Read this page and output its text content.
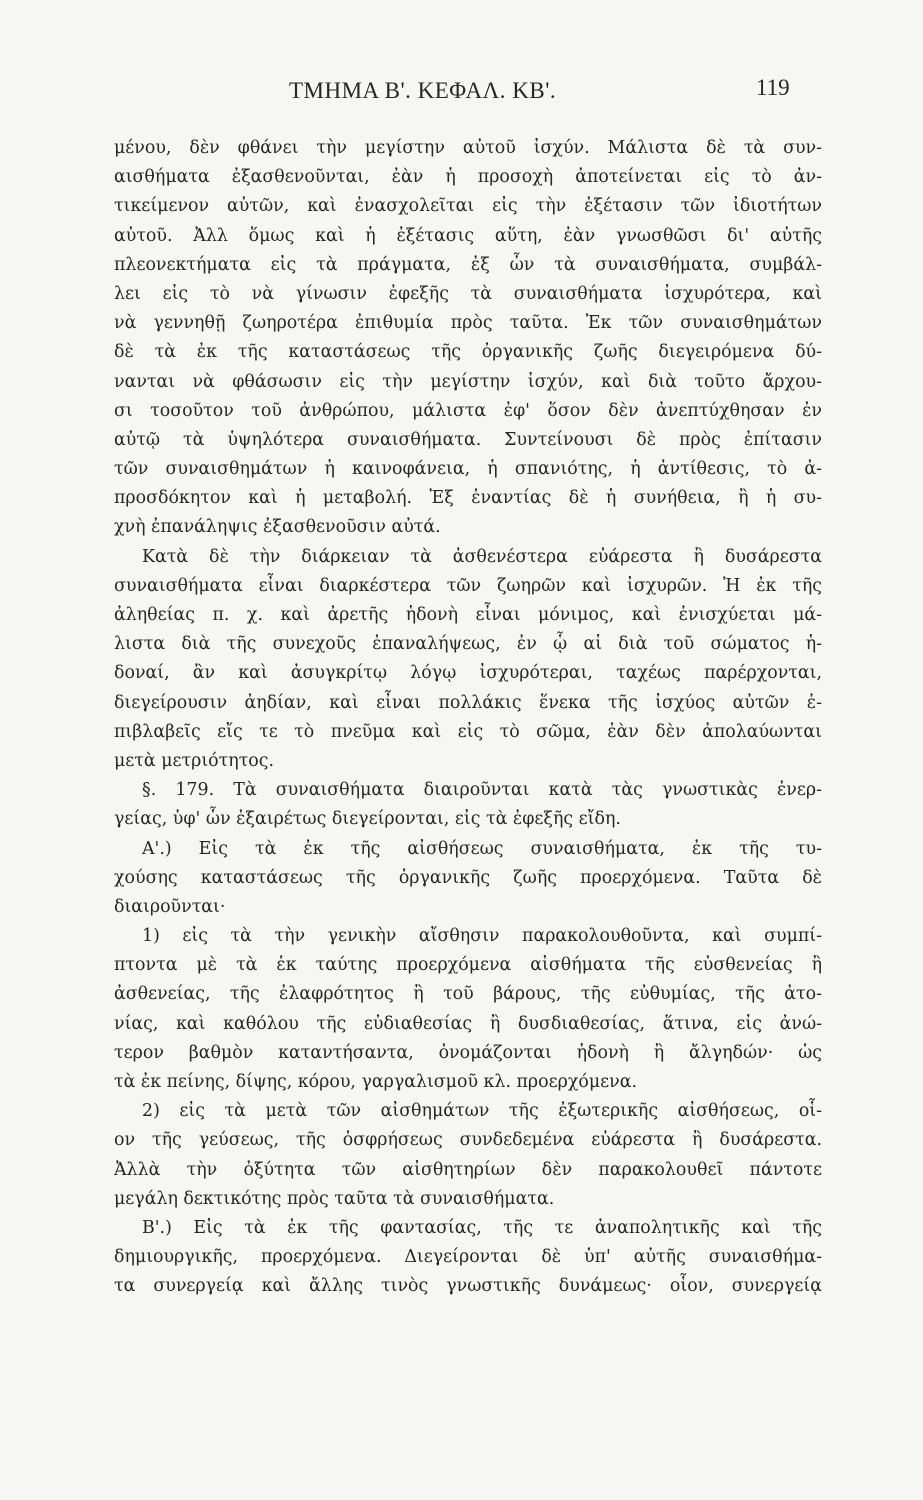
ΤΜΗΜΑ Β'. ΚΕΦΑΛ. ΚΒ'.	119
μένου, δὲν φθάνει τὴν μεγίστην αὐτοῦ ἰσχύν. Μάλιστα δὲ τὰ συν-
αισθήματα ἐξασθενοῦνται, ἐὰν ἡ προσοχὴ ἀποτείνεται εἰς τὸ ἀν-
τικείμενον αὐτῶν, καὶ ἐνασχολεῖται εἰς τὴν ἐξέτασιν τῶν ἰδιοτήτων
αὐτοῦ. Ἀλλ ὅμως καὶ ἡ ἐξέτασις αὕτη, ἐὰν γνωσθῶσι δι' αὐτῆς
πλεονεκτήματα εἰς τὰ πράγματα, ἐξ ὧν τὰ συναισθήματα, συμβάλ-
λει εἰς τὸ νὰ γίνωσιν ἐφεξῆς τὰ συναισθήματα ἰσχυρότερα, καὶ
νὰ γεννηθῇ ζωηροτέρα ἐπιθυμία πρὸς ταῦτα. Ἐκ τῶν συναισθημάτων
δὲ τὰ ἐκ τῆς καταστάσεως τῆς ὀργανικῆς ζωῆς διεγειρόμενα δύ-
νανται νὰ φθάσωσιν εἰς τὴν μεγίστην ἰσχύν, καὶ διὰ τοῦτο ἄρχου-
σι τοσοῦτον τοῦ ἀνθρώπου, μάλιστα ἐφ' ὅσον δὲν ἀνεπτύχθησαν ἐν
αὐτῷ τὰ ὑψηλότερα συναισθήματα. Συντείνουσι δὲ πρὸς ἐπίτασιν
τῶν συναισθημάτων ἡ καινοφάνεια, ἡ σπανιότης, ἡ ἀντίθεσις, τὸ ἀ-
προσδόκητον καὶ ἡ μεταβολή. Ἐξ ἐναντίας δὲ ἡ συνήθεια, ἢ ἡ συ-
χνὴ ἐπανάληψις ἐξασθενοῦσιν αὐτά.
Κατὰ δὲ τὴν διάρκειαν τὰ ἀσθενέστερα εὐάρεστα ἢ δυσάρεστα
συναισθήματα εἶναι διαρκέστερα τῶν ζωηρῶν καὶ ἰσχυρῶν. Ἡ ἐκ τῆς
ἀληθείας π. χ. καὶ ἀρετῆς ἡδονὴ εἶναι μόνιμος, καὶ ἐνισχύεται μά-
λιστα διὰ τῆς συνεχοῦς ἐπαναλήψεως, ἐν ᾧ αἱ διὰ τοῦ σώματος ἡ-
δοναί, ἂν καὶ ἀσυγκρίτῳ λόγῳ ἰσχυρότεραι, ταχέως παρέρχονται,
διεγείρουσιν ἀηδίαν, καὶ εἶναι πολλάκις ἕνεκα τῆς ἰσχύος αὐτῶν ἐ-
πιβλαβεῖς εἴς τε τὸ πνεῦμα καὶ εἰς τὸ σῶμα, ἐὰν δὲν ἀπολαύωνται
μετὰ μετριότητος.
§. 179. Τὰ συναισθήματα διαιροῦνται κατὰ τὰς γνωστικὰς ἐνερ-
γείας, ὑφ' ὧν ἐξαιρέτως διεγείρονται, εἰς τὰ ἐφεξῆς εἴδη.
Α'.) Εἰς τὰ ἐκ τῆς αἰσθήσεως συναισθήματα, ἐκ τῆς τυ-
χούσης καταστάσεως τῆς ὀργανικῆς ζωῆς προερχόμενα. Ταῦτα δὲ
διαιροῦνται·
1) εἰς τὰ τὴν γενικὴν αἴσθησιν παρακολουθοῦντα, καὶ συμπί-
πτοντα μὲ τὰ ἐκ ταύτης προερχόμενα αἰσθήματα τῆς εὐσθενείας ἢ
ἀσθενείας, τῆς ἐλαφρότητος ἢ τοῦ βάρους, τῆς εὐθυμίας, τῆς ἀτο-
νίας, καὶ καθόλου τῆς εὐδιαθεσίας ἢ δυσδιαθεσίας, ἅτινα, εἰς ἀνώ-
τερον βαθμὸν καταντήσαντα, ὀνομάζονται ἡδονὴ ἢ ἄλγηδών· ὡς
τὰ ἐκ πείνης, δίψης, κόρου, γαργαλισμοῦ κλ. προερχόμενα.
2) εἰς τὰ μετὰ τῶν αἰσθημάτων τῆς ἐξωτερικῆς αἰσθήσεως, οἷ-
ον τῆς γεύσεως, τῆς ὀσφρήσεως συνδεδεμένα εὐάρεστα ἢ δυσάρεστα.
Ἀλλὰ τὴν ὀξύτητα τῶν αἰσθητηρίων δὲν παρακολουθεῖ πάντοτε
μεγάλη δεκτικότης πρὸς ταῦτα τὰ συναισθήματα.
Β'.) Εἰς τὰ ἐκ τῆς φαντασίας, τῆς τε ἀναπολητικῆς καὶ τῆς
δημιουργικῆς, προερχόμενα. Διεγείρονται δὲ ὑπ' αὐτῆς συναισθήμα-
τα συνεργείᾳ καὶ ἄλλης τινὸς γνωστικῆς δυνάμεως· οἷον, συνεργείᾳ
